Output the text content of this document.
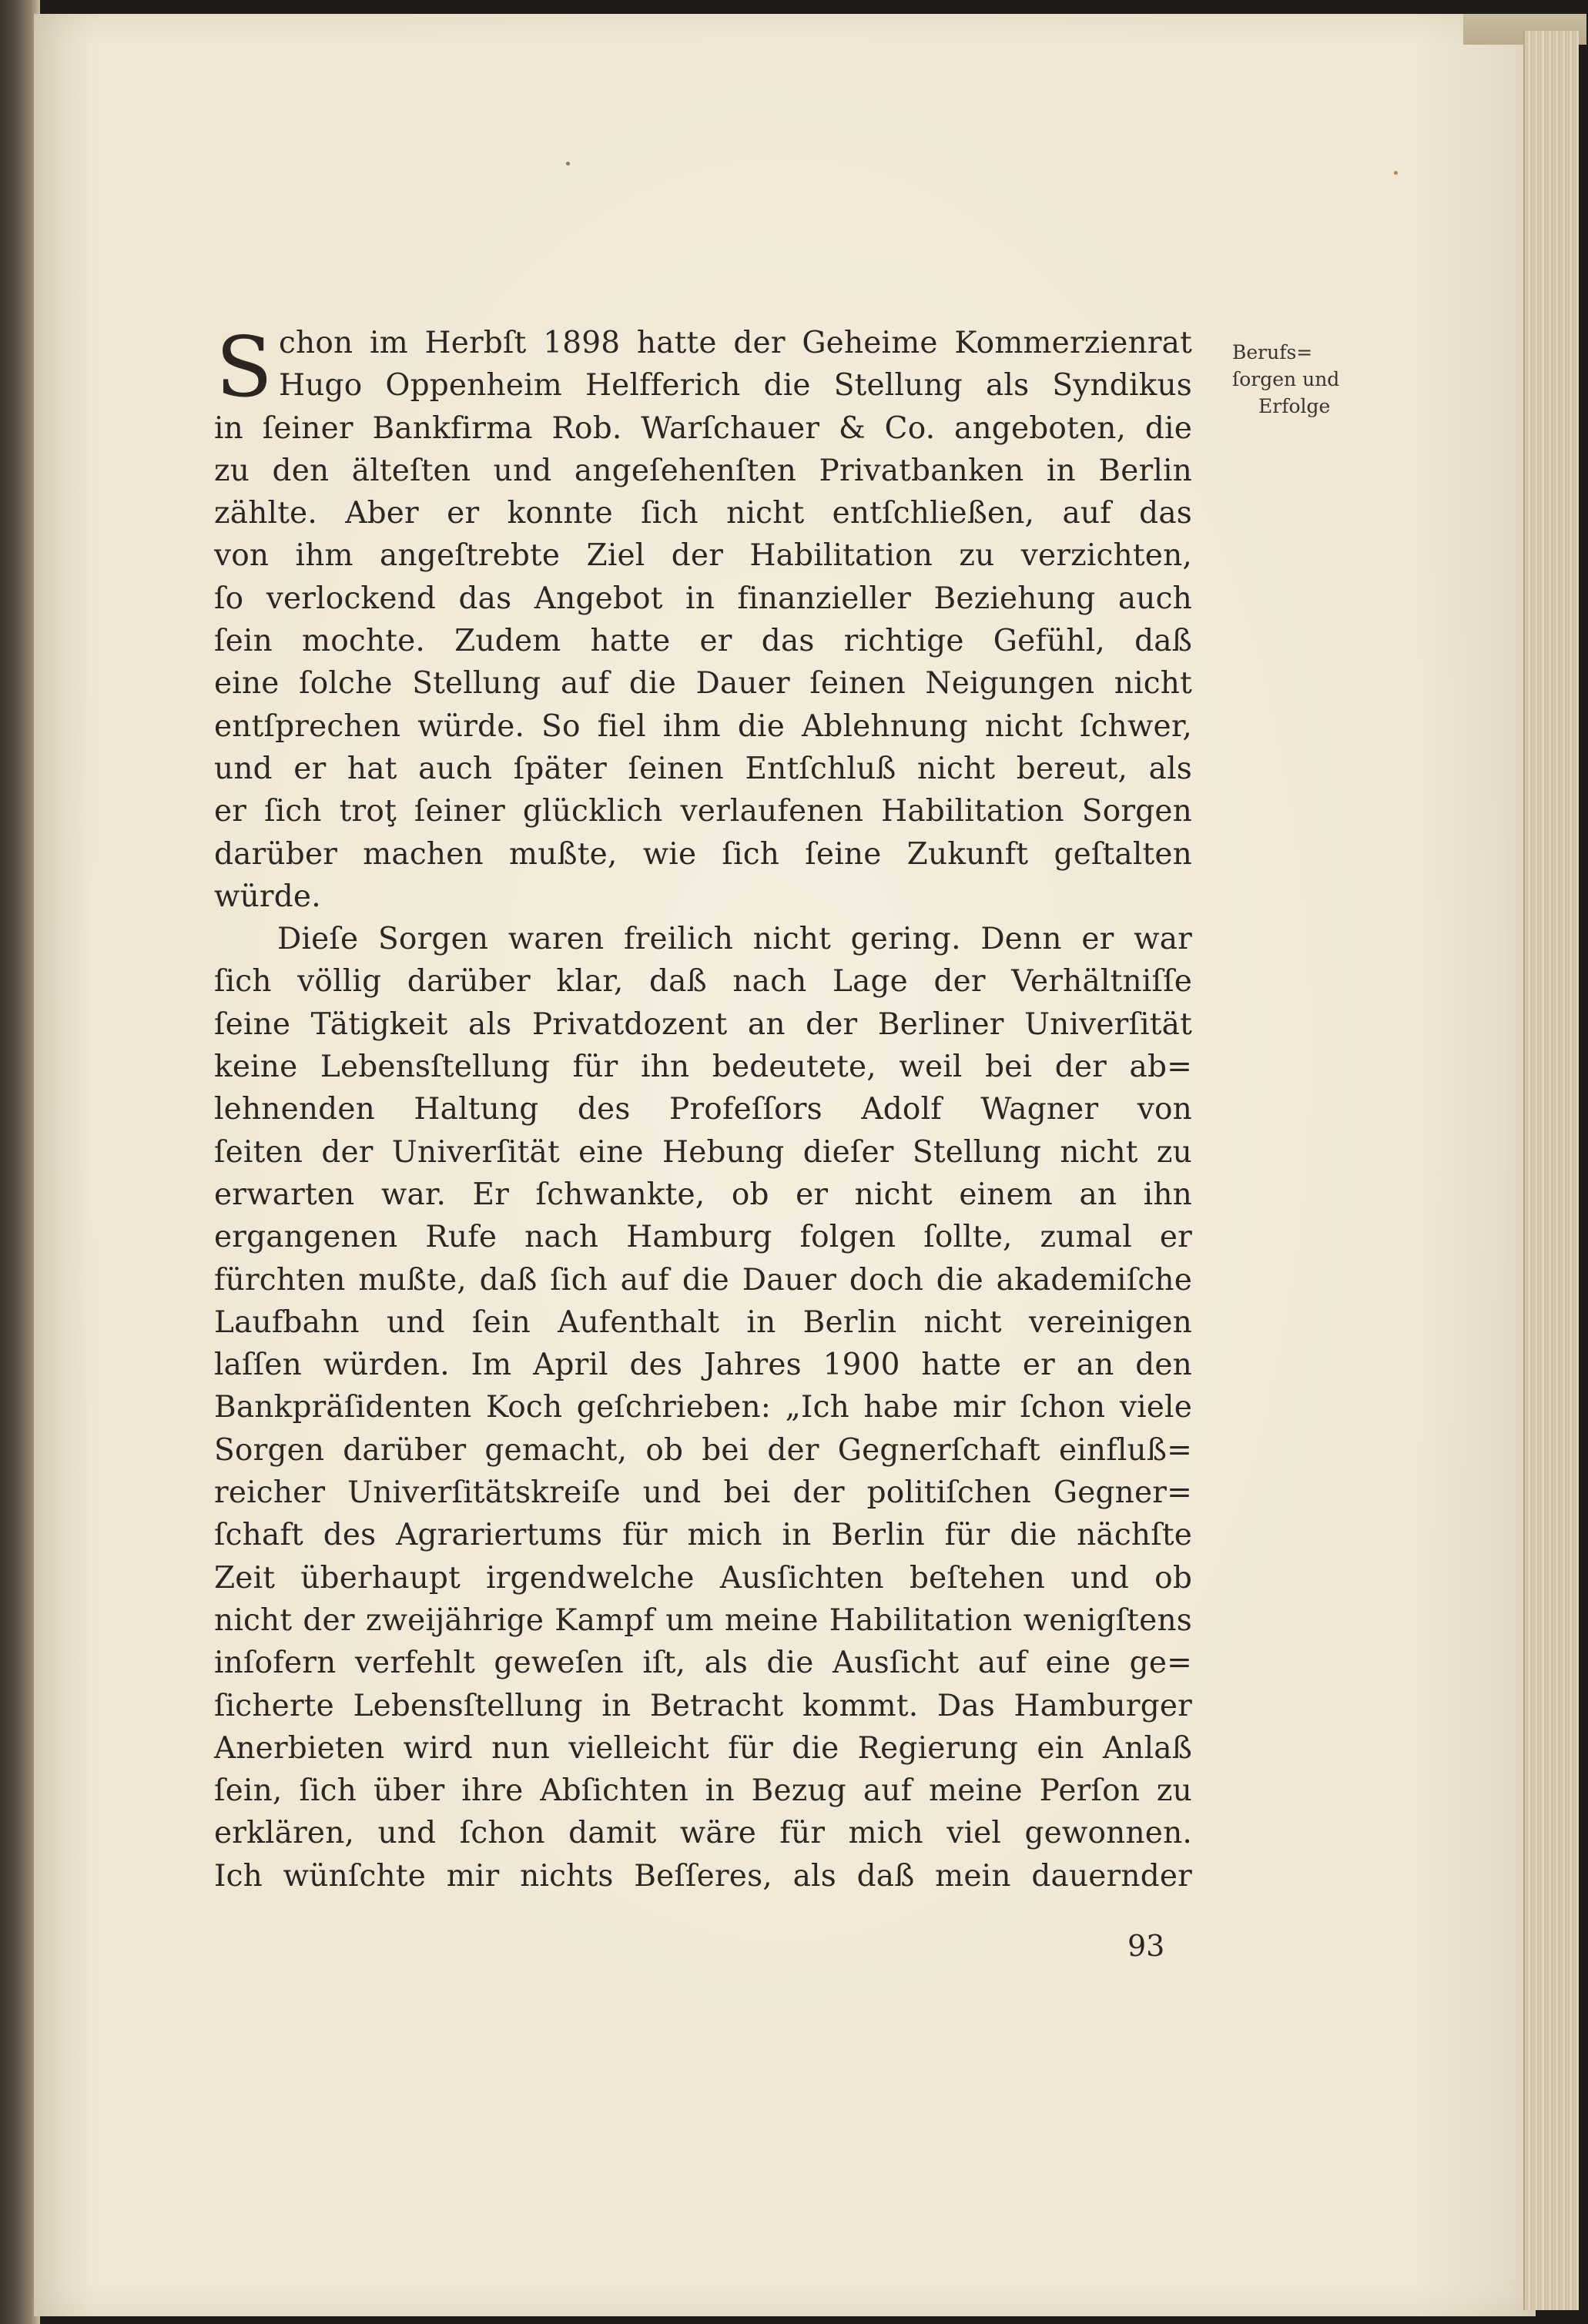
S chon im Herbſt 1898 hatte der Geheime Kommerzienrat
Hugo Oppenheim Helfferich die Stellung als Syndikus
in ſeiner Bankfirma Rob. Warſchauer & Co. angeboten, die
zu den älteſten und angeſehenſten Privatbanken in Berlin
zählte. Aber er konnte ſich nicht entſchließen, auf das
von ihm angeſtrebte Ziel der Habilitation zu verzichten,
ſo verlockend das Angebot in finanzieller Beziehung auch
ſein mochte. Zudem hatte er das richtige Gefühl, daß
eine ſolche Stellung auf die Dauer ſeinen Neigungen nicht
entſprechen würde. So fiel ihm die Ablehnung nicht ſchwer,
und er hat auch ſpäter ſeinen Entſchluß nicht bereut, als
er ſich troţ ſeiner glücklich verlaufenen Habilitation Sorgen
darüber machen mußte, wie ſich ſeine Zukunft geſtalten
würde.
Dieſe Sorgen waren freilich nicht gering. Denn er war
ſich völlig darüber klar, daß nach Lage der Verhältniſſe
ſeine Tätigkeit als Privatdozent an der Berliner Univerſität
keine Lebensſtellung für ihn bedeutete, weil bei der ab=
lehnenden Haltung des Profeſſors Adolf Wagner von
ſeiten der Univerſität eine Hebung dieſer Stellung nicht zu
erwarten war. Er ſchwankte, ob er nicht einem an ihn
ergangenen Rufe nach Hamburg folgen ſollte, zumal er
fürchten mußte, daß ſich auf die Dauer doch die akademiſche
Laufbahn und ſein Aufenthalt in Berlin nicht vereinigen
laſſen würden. Im April des Jahres 1900 hatte er an den
Bankpräſidenten Koch geſchrieben: „Ich habe mir ſchon viele
Sorgen darüber gemacht, ob bei der Gegnerſchaft einfluß=
reicher Univerſitätskreiſe und bei der politiſchen Gegner=
ſchaft des Agrariertums für mich in Berlin für die nächſte
Zeit überhaupt irgendwelche Ausſichten beſtehen und ob
nicht der zweijährige Kampf um meine Habilitation wenigſtens
inſofern verfehlt geweſen iſt, als die Ausſicht auf eine ge=
ſicherte Lebensſtellung in Betracht kommt. Das Hamburger
Anerbieten wird nun vielleicht für die Regierung ein Anlaß
ſein, ſich über ihre Abſichten in Bezug auf meine Perſon zu
erklären, und ſchon damit wäre für mich viel gewonnen.
Ich wünſchte mir nichts Beſſeres, als daß mein dauernder
Berufs=
ſorgen und
Erfolge
93
